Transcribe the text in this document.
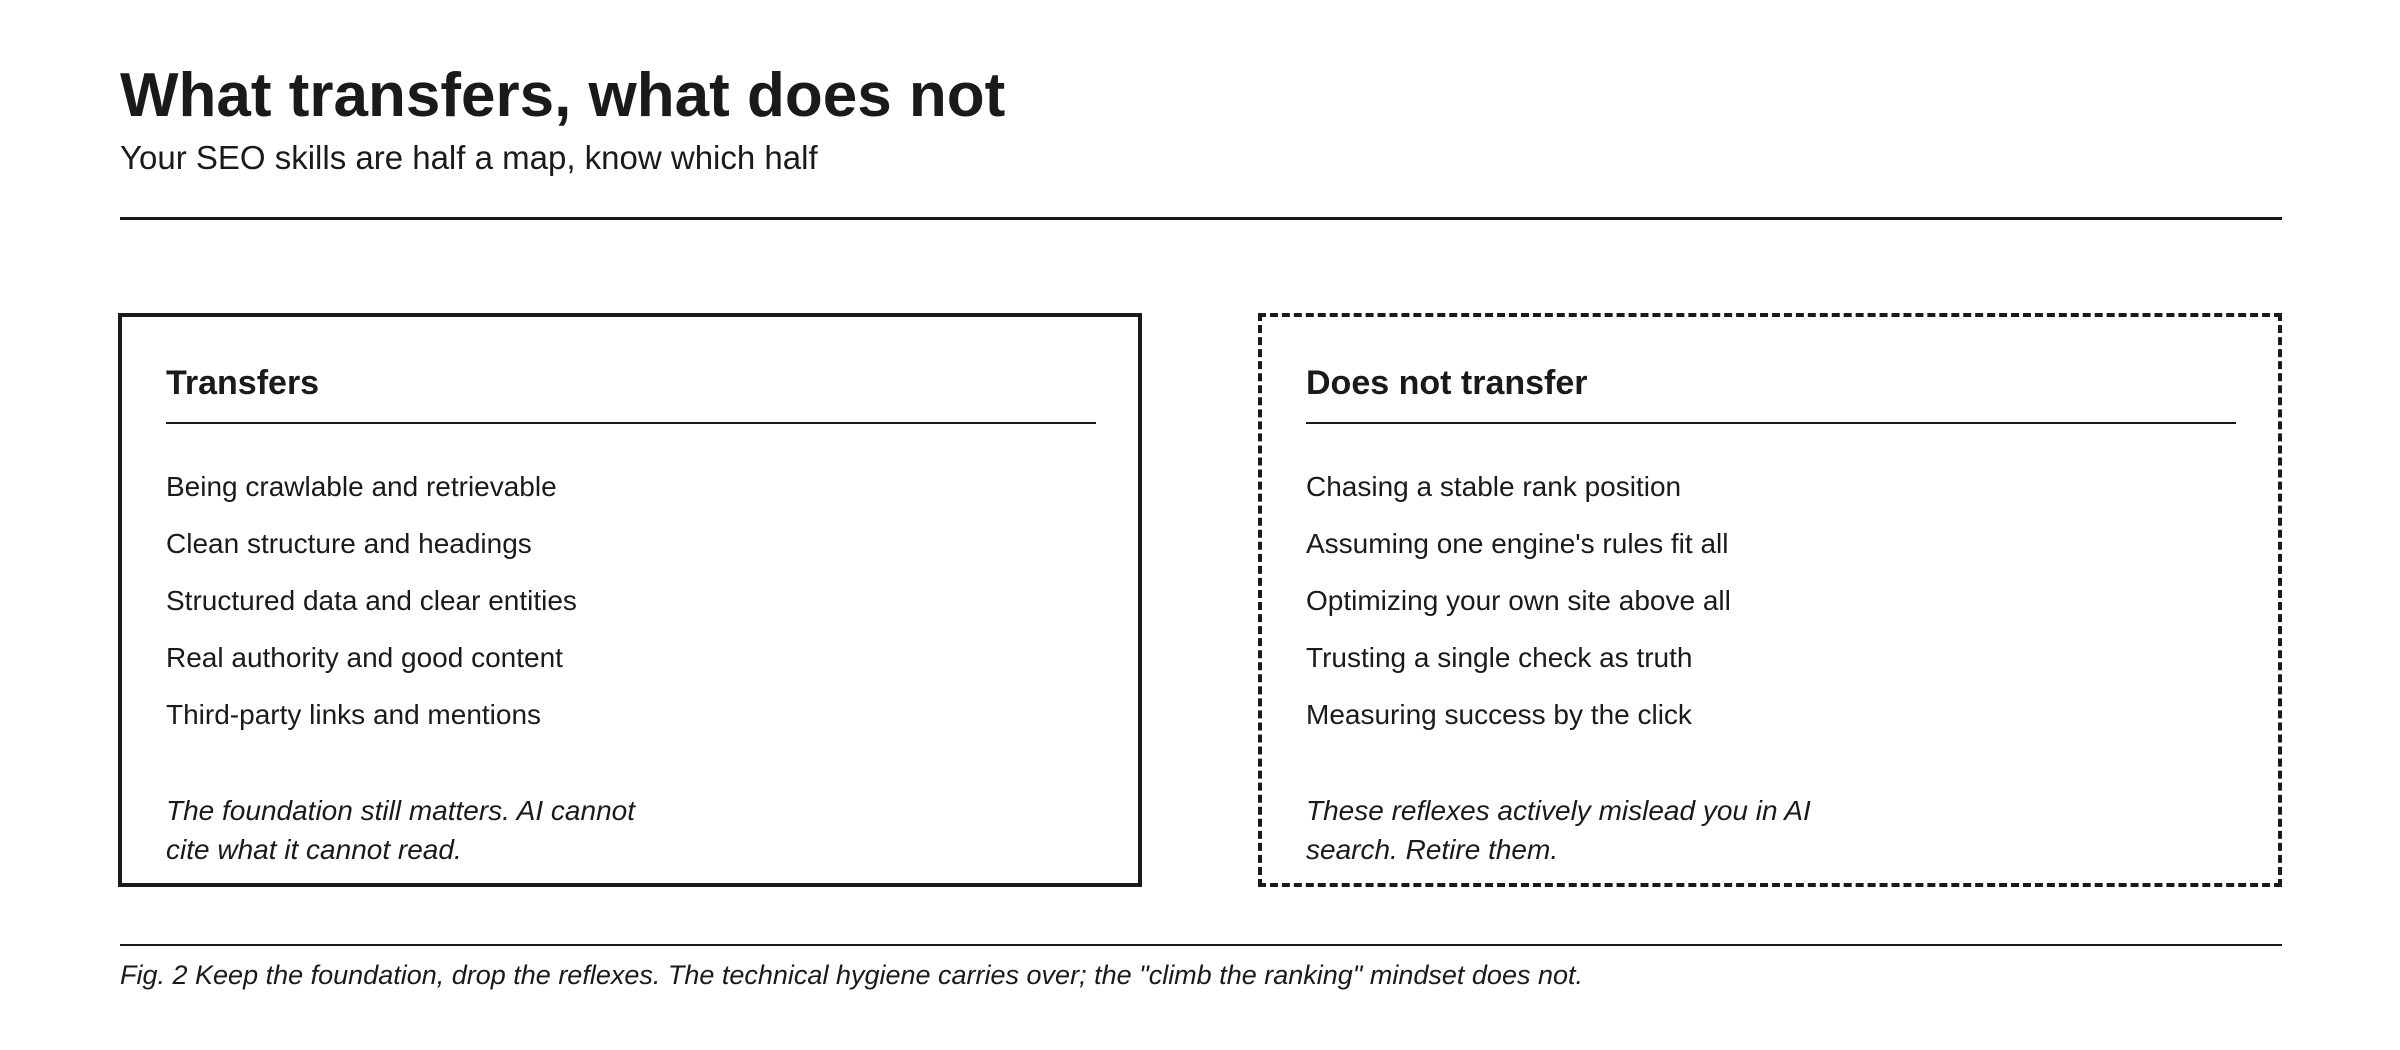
What transfers, what does not

Your SEO skills are half a map, know which half

Transfers
Being crawlable and retrievable
Clean structure and headings
Structured data and clear entities
Real authority and good content
Third-party links and mentions

The foundation still matters. AI cannot cite what it cannot read.

Does not transfer
Chasing a stable rank position
Assuming one engine's rules fit all
Optimizing your own site above all
Trusting a single check as truth
Measuring success by the click

These reflexes actively mislead you in AI search. Retire them.

Fig. 2 Keep the foundation, drop the reflexes. The technical hygiene carries over; the "climb the ranking" mindset does not.
